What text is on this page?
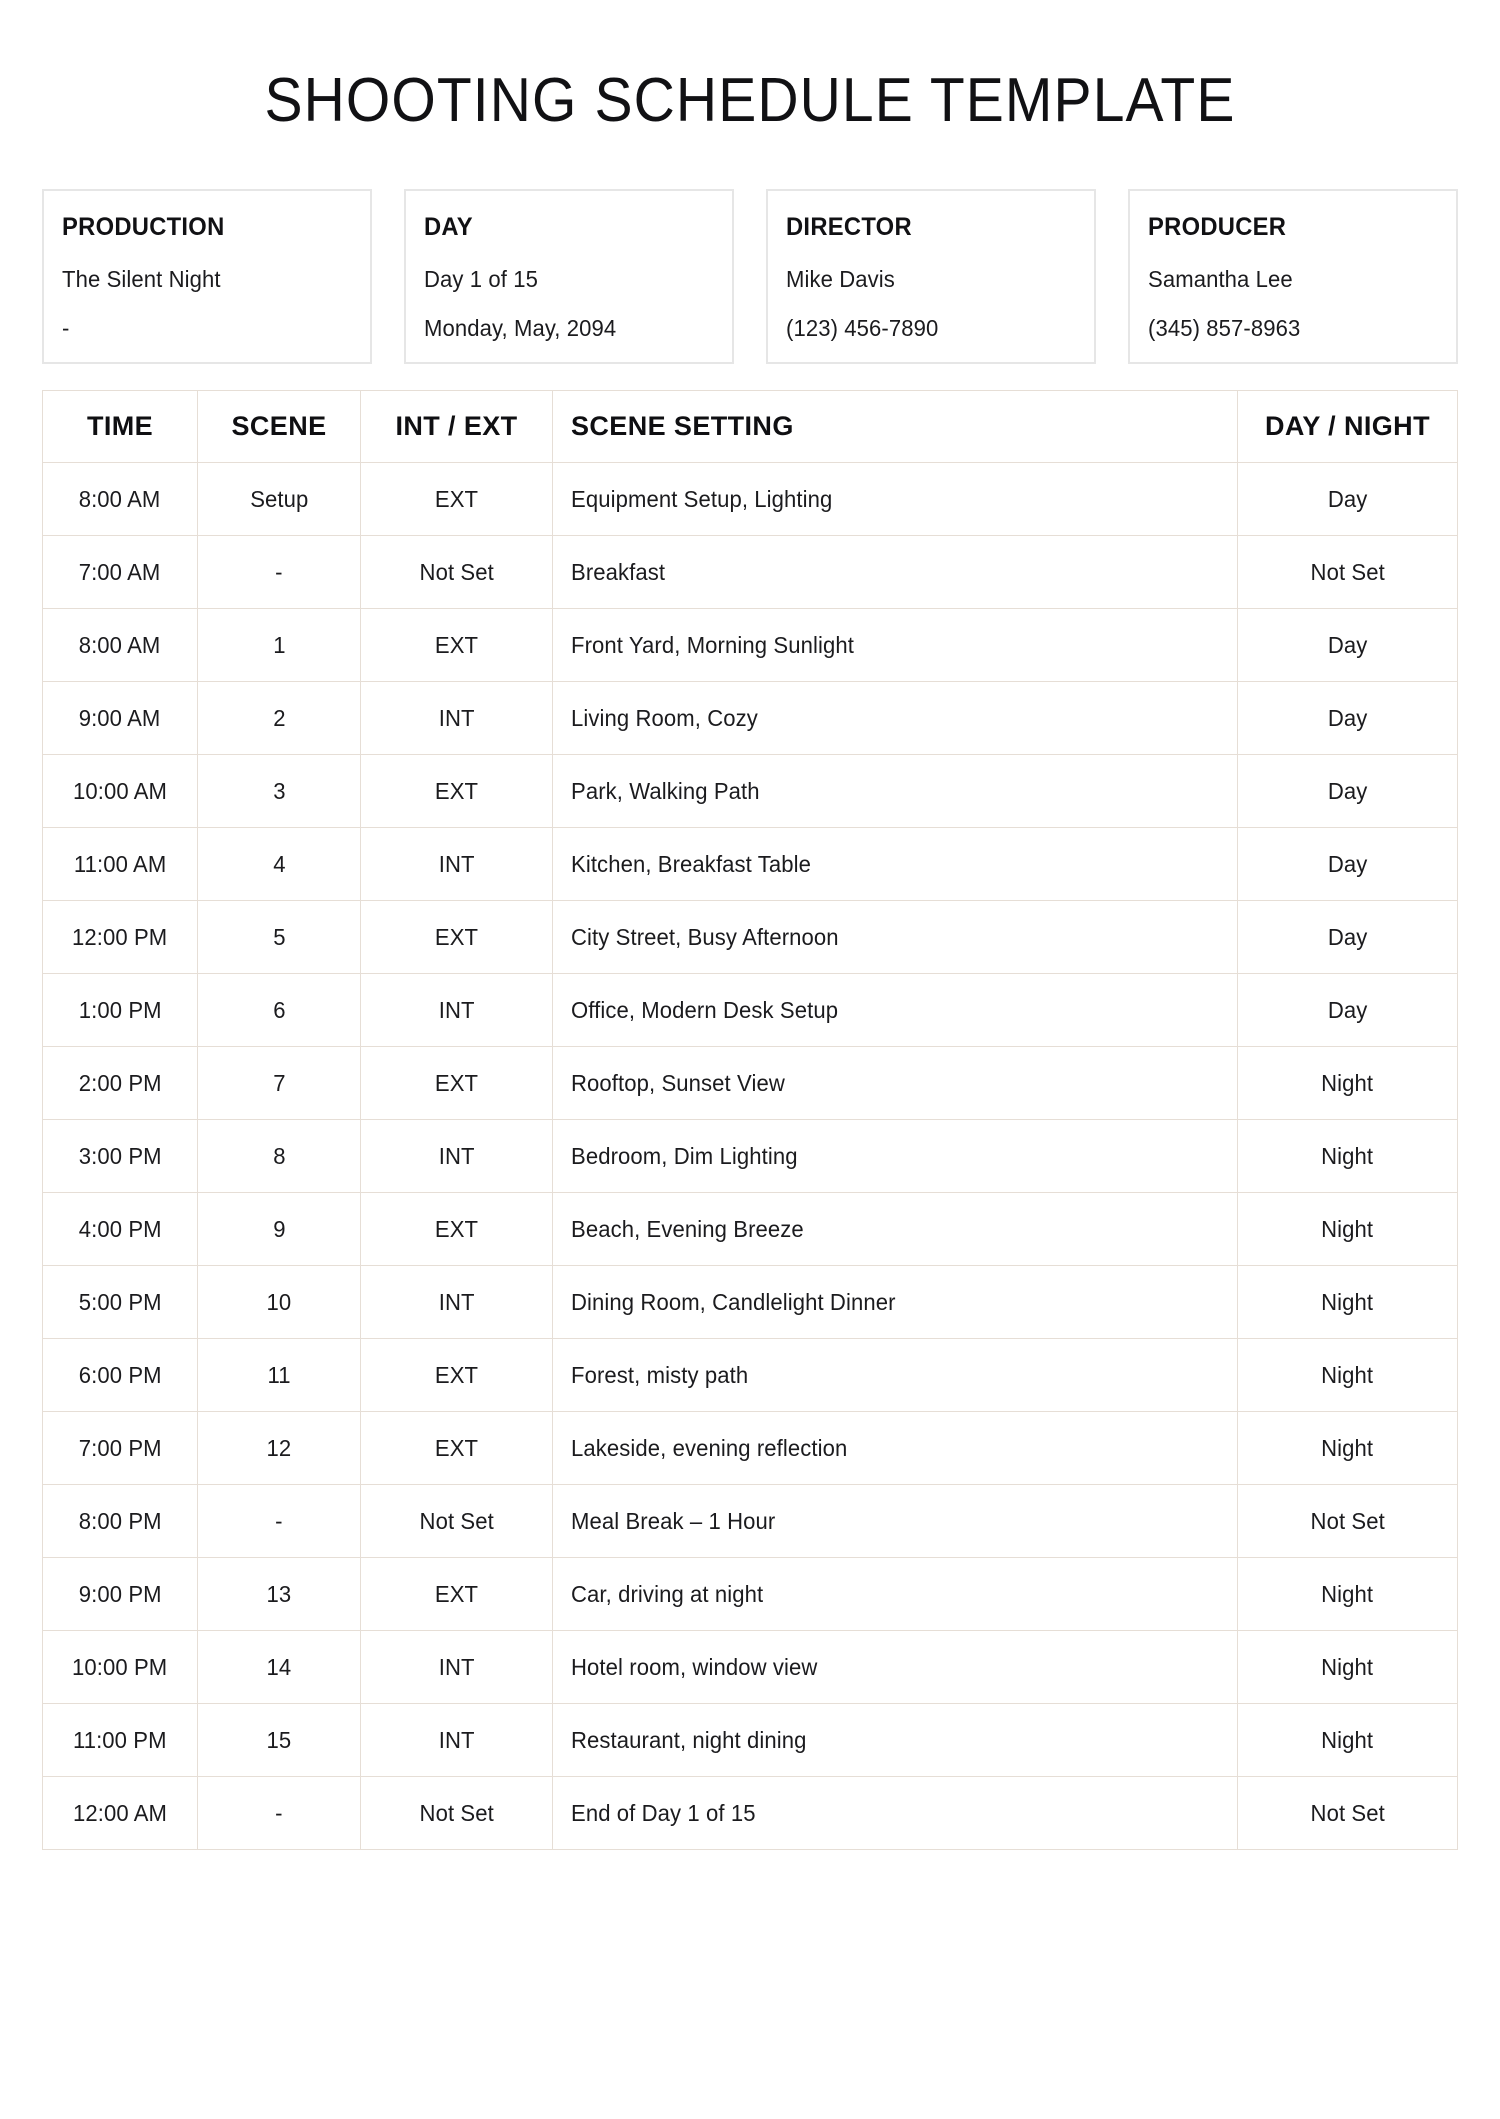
SHOOTING SCHEDULE TEMPLATE
PRODUCTION
The Silent Night
-
DAY
Day 1 of 15
Monday, May, 2094
DIRECTOR
Mike Davis
(123) 456-7890
PRODUCER
Samantha Lee
(345) 857-8963
TIME	SCENE	INT / EXT	SCENE SETTING	DAY / NIGHT
8:00 AM	Setup	EXT	Equipment Setup, Lighting	Day
7:00 AM	-	Not Set	Breakfast	Not Set
8:00 AM	1	EXT	Front Yard, Morning Sunlight	Day
9:00 AM	2	INT	Living Room, Cozy	Day
10:00 AM	3	EXT	Park, Walking Path	Day
11:00 AM	4	INT	Kitchen, Breakfast Table	Day
12:00 PM	5	EXT	City Street, Busy Afternoon	Day
1:00 PM	6	INT	Office, Modern Desk Setup	Day
2:00 PM	7	EXT	Rooftop, Sunset View	Night
3:00 PM	8	INT	Bedroom, Dim Lighting	Night
4:00 PM	9	EXT	Beach, Evening Breeze	Night
5:00 PM	10	INT	Dining Room, Candlelight Dinner	Night
6:00 PM	11	EXT	Forest, misty path	Night
7:00 PM	12	EXT	Lakeside, evening reflection	Night
8:00 PM	-	Not Set	Meal Break – 1 Hour	Not Set
9:00 PM	13	EXT	Car, driving at night	Night
10:00 PM	14	INT	Hotel room, window view	Night
11:00 PM	15	INT	Restaurant, night dining	Night
12:00 AM	-	Not Set	End of Day 1 of 15	Not Set
